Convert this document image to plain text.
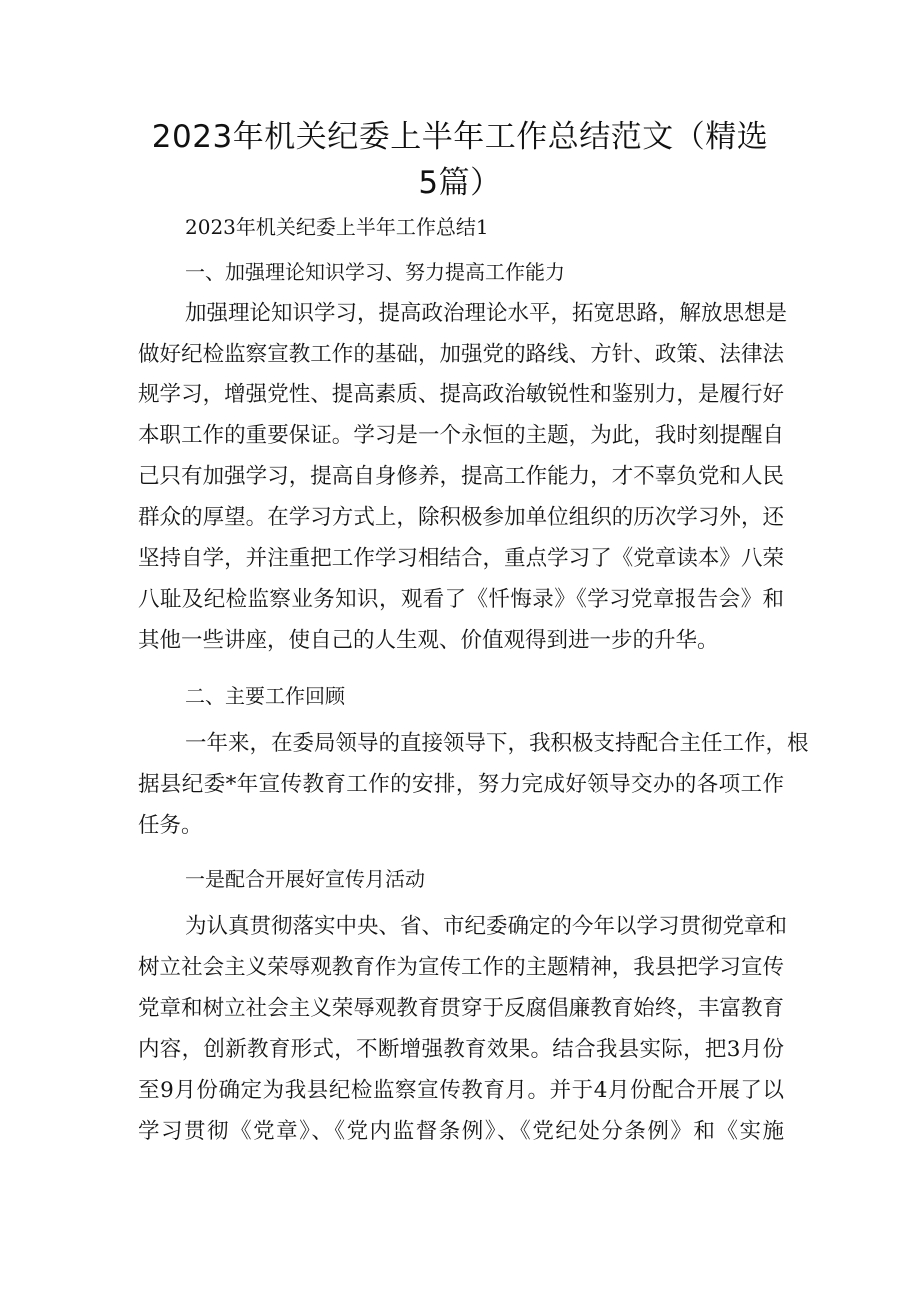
2023年机关纪委上半年工作总结范文（精选
5篇）

2023年机关纪委上半年工作总结1

一、加强理论知识学习、努力提高工作能力

加强理论知识学习，提高政治理论水平，拓宽思路，解放思想是

做好纪检监察宣教工作的基础，加强党的路线、方针、政策、法律法

规学习，增强党性、提高素质、提高政治敏锐性和鉴别力，是履行好

本职工作的重要保证。学习是一个永恒的主题，为此，我时刻提醒自

己只有加强学习，提高自身修养，提高工作能力，才不辜负党和人民

群众的厚望。在学习方式上，除积极参加单位组织的历次学习外，还

坚持自学，并注重把工作学习相结合，重点学习了《党章读本》八荣

八耻及纪检监察业务知识，观看了《忏悔录》《学习党章报告会》和

其他一些讲座，使自己的人生观、价值观得到进一步的升华。

二、主要工作回顾

一年来，在委局领导的直接领导下，我积极支持配合主任工作，根

据县纪委*年宣传教育工作的安排，努力完成好领导交办的各项工作

任务。

一是配合开展好宣传月活动

为认真贯彻落实中央、省、市纪委确定的今年以学习贯彻党章和

树立社会主义荣辱观教育作为宣传工作的主题精神，我县把学习宣传

党章和树立社会主义荣辱观教育贯穿于反腐倡廉教育始终，丰富教育

内容，创新教育形式，不断增强教育效果。结合我县实际，把3月份

至9月份确定为我县纪检监察宣传教育月。并于4月份配合开展了以

学习贯彻《党章》、《党内监督条例》、《党纪处分条例》和《实施
